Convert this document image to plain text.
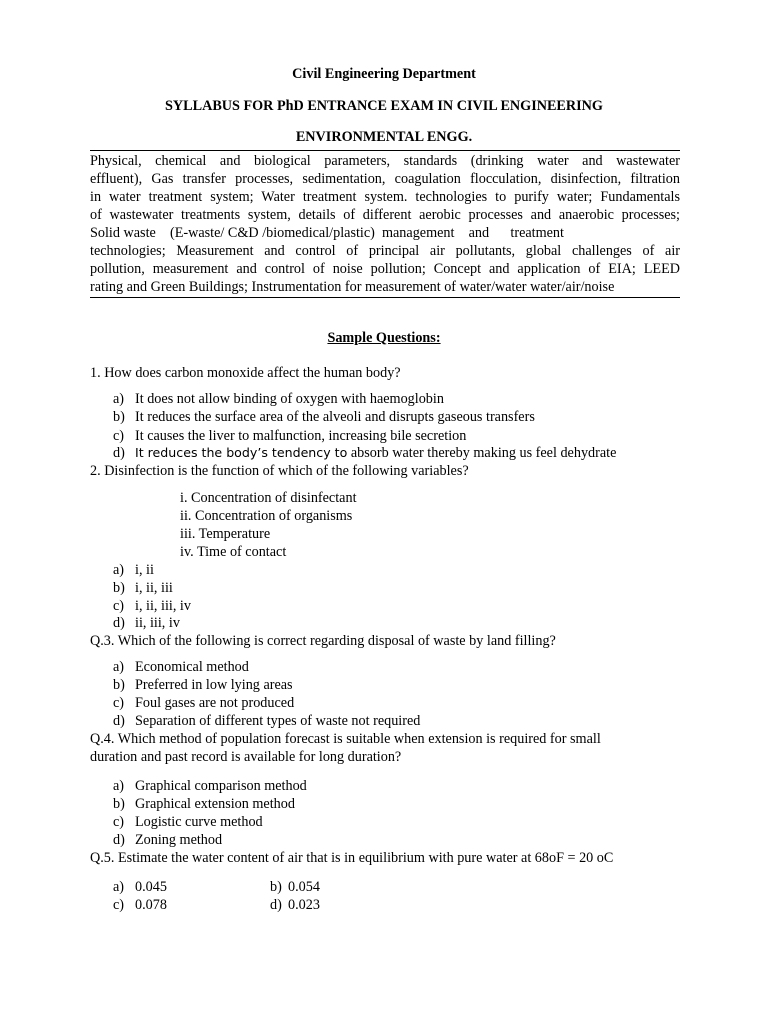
Civil Engineering Department
SYLLABUS FOR PhD ENTRANCE EXAM IN CIVIL ENGINEERING
ENVIRONMENTAL ENGG.
Physical, chemical and biological parameters, standards (drinking water and wastewater
effluent), Gas transfer processes, sedimentation, coagulation flocculation, disinfection, filtration
in water treatment system; Water treatment system. technologies to purify water; Fundamentals
of wastewater treatments system, details of different aerobic processes and anaerobic processes;
Solid waste    (E-waste/ C&D /biomedical/plastic)  management    and      treatment
technologies; Measurement and control of principal air pollutants, global challenges of air
pollution, measurement and control of noise pollution; Concept and application of EIA; LEED
rating and Green Buildings; Instrumentation for measurement of water/water water/air/noise
Sample Questions:
1. How does carbon monoxide affect the human body?
a) It does not allow binding of oxygen with haemoglobin
b) It reduces the surface area of the alveoli and disrupts gaseous transfers
c) It causes the liver to malfunction, increasing bile secretion
d) It reduces the body’s tendency to absorb water thereby making us feel dehydrate
2. Disinfection is the function of which of the following variables?
i. Concentration of disinfectant
ii. Concentration of organisms
iii. Temperature
iv. Time of contact
a) i, ii
b) i, ii, iii
c) i, ii, iii, iv
d) ii, iii, iv
Q.3. Which of the following is correct regarding disposal of waste by land filling?
a) Economical method
b) Preferred in low lying areas
c) Foul gases are not produced
d) Separation of different types of waste not required
Q.4. Which method of population forecast is suitable when extension is required for small
duration and past record is available for long duration?
a) Graphical comparison method
b) Graphical extension method
c) Logistic curve method
d) Zoning method
Q.5. Estimate the water content of air that is in equilibrium with pure water at 68oF = 20 oC
a) 0.045	b) 0.054
c) 0.078	d) 0.023
